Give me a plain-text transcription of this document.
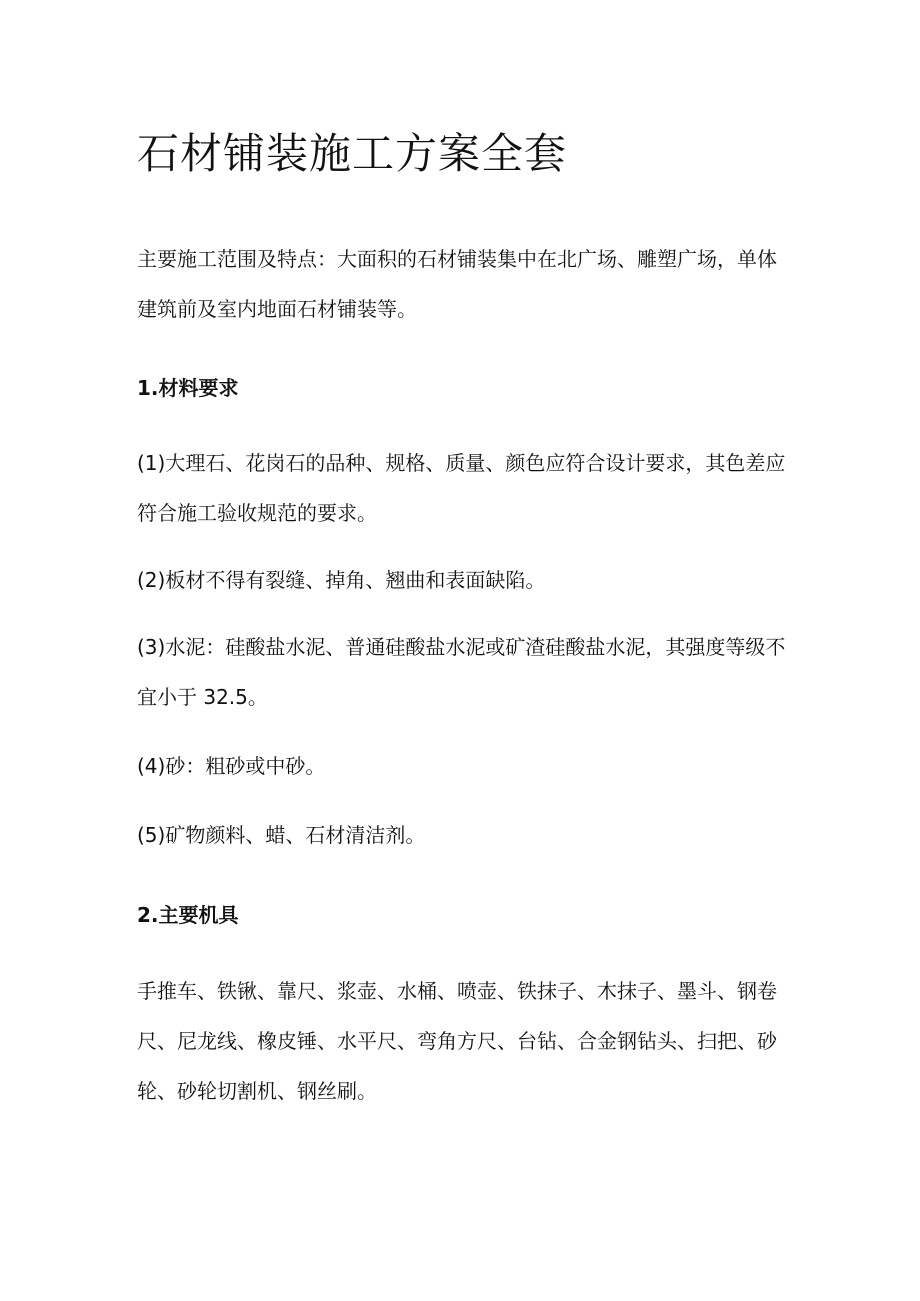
石材铺装施工方案全套

主要施工范围及特点：大面积的石材铺装集中在北广场、雕塑广场，单体建筑前及室内地面石材铺装等。

1.材料要求

(1)大理石、花岗石的品种、规格、质量、颜色应符合设计要求，其色差应符合施工验收规范的要求。

(2)板材不得有裂缝、掉角、翘曲和表面缺陷。

(3)水泥：硅酸盐水泥、普通硅酸盐水泥或矿渣硅酸盐水泥，其强度等级不宜小于 32.5。

(4)砂：粗砂或中砂。

(5)矿物颜料、蜡、石材清洁剂。

2.主要机具

手推车、铁锹、靠尺、浆壶、水桶、喷壶、铁抹子、木抹子、墨斗、钢卷尺、尼龙线、橡皮锤、水平尺、弯角方尺、台钻、合金钢钻头、扫把、砂轮、砂轮切割机、钢丝刷。
